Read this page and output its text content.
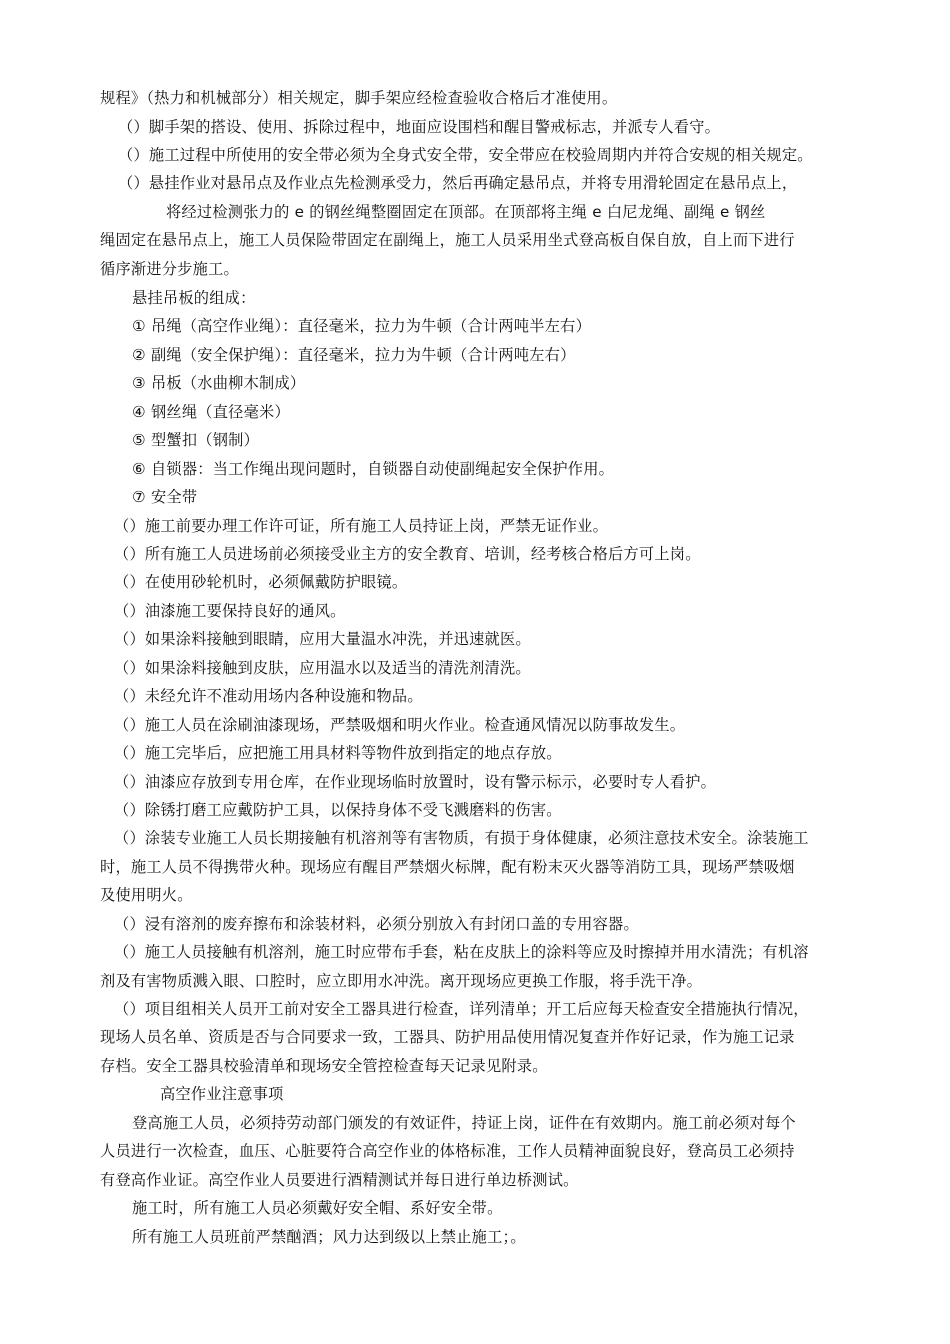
规程》（热力和机械部分）相关规定，脚手架应经检查验收合格后才准使用。
（）脚手架的搭设、使用、拆除过程中，地面应设围档和醒目警戒标志，并派专人看守。
（）施工过程中所使用的安全带必须为全身式安全带，安全带应在校验周期内并符合安规的相关规定。
（）悬挂作业对悬吊点及作业点先检测承受力，然后再确定悬吊点，并将专用滑轮固定在悬吊点上，
将经过检测张力的 e 的钢丝绳整圈固定在顶部。在顶部将主绳 e 白尼龙绳、副绳 e 钢丝
绳固定在悬吊点上，施工人员保险带固定在副绳上，施工人员采用坐式登高板自保自放，自上而下进行
循序渐进分步施工。
悬挂吊板的组成：
① 吊绳（高空作业绳）：直径毫米，拉力为牛顿（合计两吨半左右）
② 副绳（安全保护绳）：直径毫米，拉力为牛顿（合计两吨左右）
③ 吊板（水曲柳木制成）
④ 钢丝绳（直径毫米）
⑤ 型蟹扣（钢制）
⑥ 自锁器：当工作绳出现问题时，自锁器自动使副绳起安全保护作用。
⑦ 安全带
（）施工前要办理工作许可证，所有施工人员持证上岗，严禁无证作业。
（）所有施工人员进场前必须接受业主方的安全教育、培训，经考核合格后方可上岗。
（）在使用砂轮机时，必须佩戴防护眼镜。
（）油漆施工要保持良好的通风。
（）如果涂料接触到眼睛，应用大量温水冲洗，并迅速就医。
（）如果涂料接触到皮肤，应用温水以及适当的清洗剂清洗。
（）未经允许不准动用场内各种设施和物品。
（）施工人员在涂刷油漆现场，严禁吸烟和明火作业。检查通风情况以防事故发生。
（）施工完毕后，应把施工用具材料等物件放到指定的地点存放。
（）油漆应存放到专用仓库，在作业现场临时放置时，设有警示标示，必要时专人看护。
（）除锈打磨工应戴防护工具，以保持身体不受飞溅磨料的伤害。
（）涂装专业施工人员长期接触有机溶剂等有害物质，有损于身体健康，必须注意技术安全。涂装施工
时，施工人员不得携带火种。现场应有醒目严禁烟火标牌，配有粉末灭火器等消防工具，现场严禁吸烟
及使用明火。
（）浸有溶剂的废弃擦布和涂装材料，必须分别放入有封闭口盖的专用容器。
（）施工人员接触有机溶剂，施工时应带布手套，粘在皮肤上的涂料等应及时擦掉并用水清洗；有机溶
剂及有害物质溅入眼、口腔时，应立即用水冲洗。离开现场应更换工作服，将手洗干净。
（）项目组相关人员开工前对安全工器具进行检查，详列清单；开工后应每天检查安全措施执行情况，
现场人员名单、资质是否与合同要求一致，工器具、防护用品使用情况复查并作好记录，作为施工记录
存档。安全工器具校验清单和现场安全管控检查每天记录见附录。
高空作业注意事项
登高施工人员，必须持劳动部门颁发的有效证件，持证上岗，证件在有效期内。施工前必须对每个
人员进行一次检查，血压、心脏要符合高空作业的体格标准，工作人员精神面貌良好，登高员工必须持
有登高作业证。高空作业人员要进行酒精测试并每日进行单边桥测试。
施工时，所有施工人员必须戴好安全帽、系好安全带。
所有施工人员班前严禁酗酒；风力达到级以上禁止施工；。
